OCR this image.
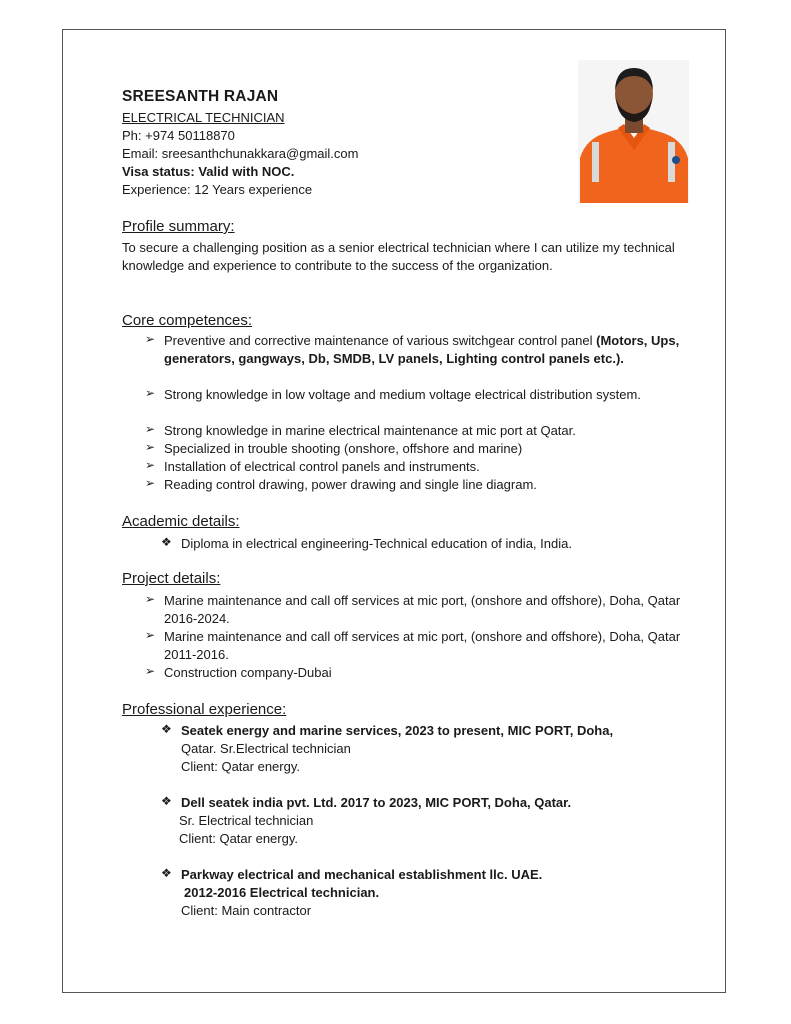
SREESANTH RAJAN
ELECTRICAL TECHNICIAN
Ph: +974 50118870
Email: sreesanthchunakkara@gmail.com
Visa status: Valid with NOC.
Experience: 12 Years experience
Profile summary:
To secure a challenging position as a senior electrical technician where I can utilize my technical knowledge and experience to contribute to the success of the organization.
Core competences:
➢ Preventive and corrective maintenance of various switchgear control panel (Motors, Ups, generators, gangways, Db, SMDB, LV panels, Lighting control panels etc.).
➢ Strong knowledge in low voltage and medium voltage electrical distribution system.
➢ Strong knowledge in marine electrical maintenance at mic port at Qatar.
➢ Specialized in trouble shooting (onshore, offshore and marine)
➢ Installation of electrical control panels and instruments.
➢ Reading control drawing, power drawing and single line diagram.
Academic details:
❖ Diploma in electrical engineering-Technical education of india, India.
Project details:
➢ Marine maintenance and call off services at mic port, (onshore and offshore), Doha, Qatar 2016-2024.
➢ Marine maintenance and call off services at mic port, (onshore and offshore), Doha, Qatar 2011-2016.
➢ Construction company-Dubai
Professional experience:
❖ Seatek energy and marine services, 2023 to present, MIC PORT, Doha,
Qatar. Sr.Electrical technician
Client: Qatar energy.
❖ Dell seatek india pvt. Ltd. 2017 to 2023, MIC PORT, Doha, Qatar.
Sr. Electrical technician
Client: Qatar energy.
❖ Parkway electrical and mechanical establishment llc. UAE.
2012-2016 Electrical technician.
Client: Main contractor
